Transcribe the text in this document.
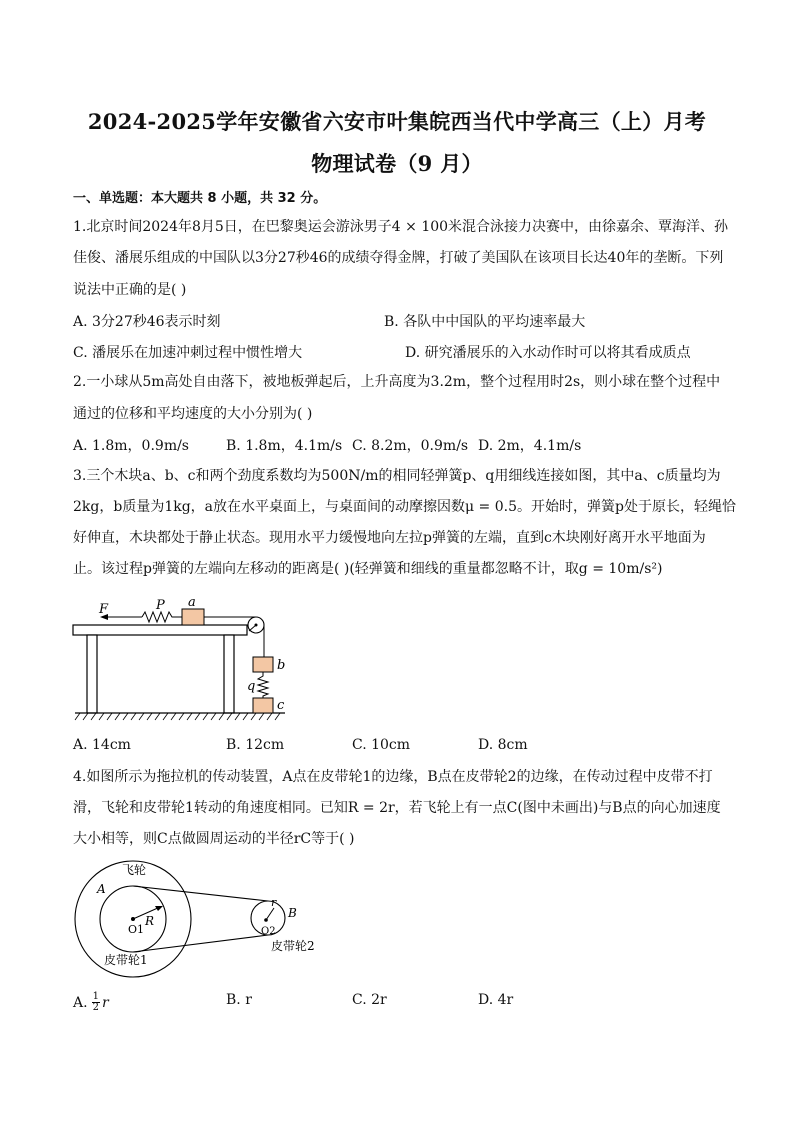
2024-2025学年安徽省六安市叶集皖西当代中学高三（上）月考
物理试卷（9 月）
一、单选题：本大题共 8 小题，共 32 分。
1.北京时间2024年8月5日，在巴黎奥运会游泳男子4 × 100米混合泳接力决赛中，由徐嘉余、覃海洋、孙
佳俊、潘展乐组成的中国队以3分27秒46的成绩夺得金牌，打破了美国队在该项目长达40年的垄断。下列
说法中正确的是( )
A. 3分27秒46表示时刻	B. 各队中中国队的平均速率最大
C. 潘展乐在加速冲刺过程中惯性增大	D. 研究潘展乐的入水动作时可以将其看成质点
2.一小球从5m高处自由落下，被地板弹起后，上升高度为3.2m，整个过程用时2s，则小球在整个过程中
通过的位移和平均速度的大小分别为( )
A. 1.8m，0.9m/s	B. 1.8m，4.1m/s C. 8.2m，0.9m/s D. 2m，4.1m/s
3.三个木块a、b、c和两个劲度系数均为500N/m的相同轻弹簧p、q用细线连接如图，其中a、c质量均为
2kg，b质量为1kg，a放在水平桌面上，与桌面间的动摩擦因数μ = 0.5。开始时，弹簧p处于原长，轻绳恰
好伸直，木块都处于静止状态。现用水平力缓慢地向左拉p弹簧的左端，直到c木块刚好离开水平地面为
止。该过程p弹簧的左端向左移动的距离是( )(轻弹簧和细线的重量都忽略不计，取g = 10m/s²)
F	P a
b
q
c
A. 14cm	B. 12cm	C. 10cm	D. 8cm
4.如图所示为拖拉机的传动装置，A点在皮带轮1的边缘，B点在皮带轮2的边缘，在传动过程中皮带不打
滑，飞轮和皮带轮1转动的角速度相同。已知R = 2r，若飞轮上有一点C(图中未画出)与B点的向心加速度
大小相等，则C点做圆周运动的半径rC等于( )
飞轮
A
R
O1
皮带轮1
r
O2
B
皮带轮2
A. $\frac{1}{2}$ r	B. r	C. 2r	D. 4r
